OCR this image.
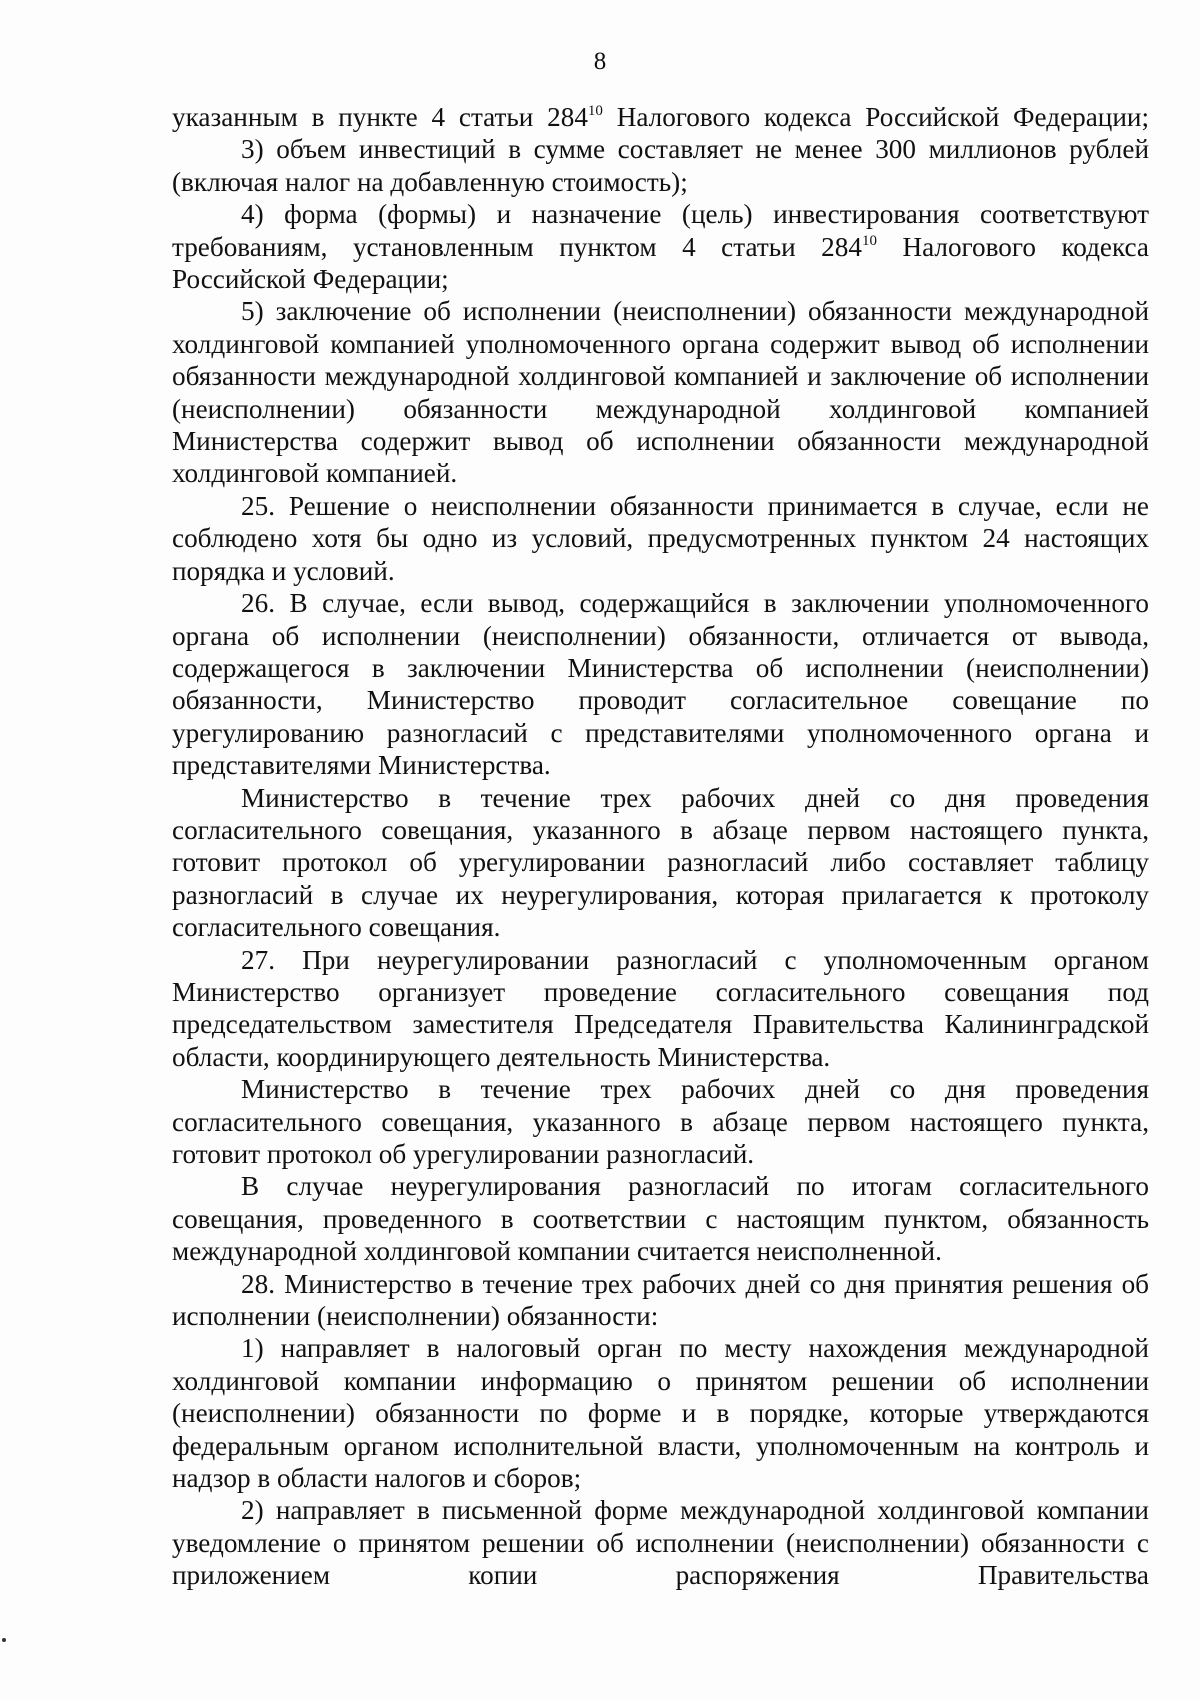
8

указанным в пункте 4 статьи $284^{10}$ Налогового кодекса Российской Федерации;

3) объем инвестиций в сумме составляет не менее 300 миллионов рублей (включая налог на добавленную стоимость);

4) форма (формы) и назначение (цель) инвестирования соответствуют требованиям, установленным пунктом 4 статьи $284^{10}$ Налогового кодекса Российской Федерации;

5) заключение об исполнении (неисполнении) обязанности международной холдинговой компанией уполномоченного органа содержит вывод об исполнении обязанности международной холдинговой компанией и заключение об исполнении (неисполнении) обязанности международной холдинговой компанией Министерства содержит вывод об исполнении обязанности международной холдинговой компанией.

25. Решение о неисполнении обязанности принимается в случае, если не соблюдено хотя бы одно из условий, предусмотренных пунктом 24 настоящих порядка и условий.

26. В случае, если вывод, содержащийся в заключении уполномоченного органа об исполнении (неисполнении) обязанности, отличается от вывода, содержащегося в заключении Министерства об исполнении (неисполнении) обязанности, Министерство проводит согласительное совещание по урегулированию разногласий с представителями уполномоченного органа и представителями Министерства.

Министерство в течение трех рабочих дней со дня проведения согласительного совещания, указанного в абзаце первом настоящего пункта, готовит протокол об урегулировании разногласий либо составляет таблицу разногласий в случае их неурегулирования, которая прилагается к протоколу согласительного совещания.

27. При неурегулировании разногласий с уполномоченным органом Министерство организует проведение согласительного совещания под председательством заместителя Председателя Правительства Калининградской области, координирующего деятельность Министерства.

Министерство в течение трех рабочих дней со дня проведения согласительного совещания, указанного в абзаце первом настоящего пункта, готовит протокол об урегулировании разногласий.

В случае неурегулирования разногласий по итогам согласительного совещания, проведенного в соответствии с настоящим пунктом, обязанность международной холдинговой компании считается неисполненной.

28. Министерство в течение трех рабочих дней со дня принятия решения об исполнении (неисполнении) обязанности:

1) направляет в налоговый орган по месту нахождения международной холдинговой компании информацию о принятом решении об исполнении (неисполнении) обязанности по форме и в порядке, которые утверждаются федеральным органом исполнительной власти, уполномоченным на контроль и надзор в области налогов и сборов;

2) направляет в письменной форме международной холдинговой компании уведомление о принятом решении об исполнении (неисполнении) обязанности с приложением копии распоряжения Правительства
